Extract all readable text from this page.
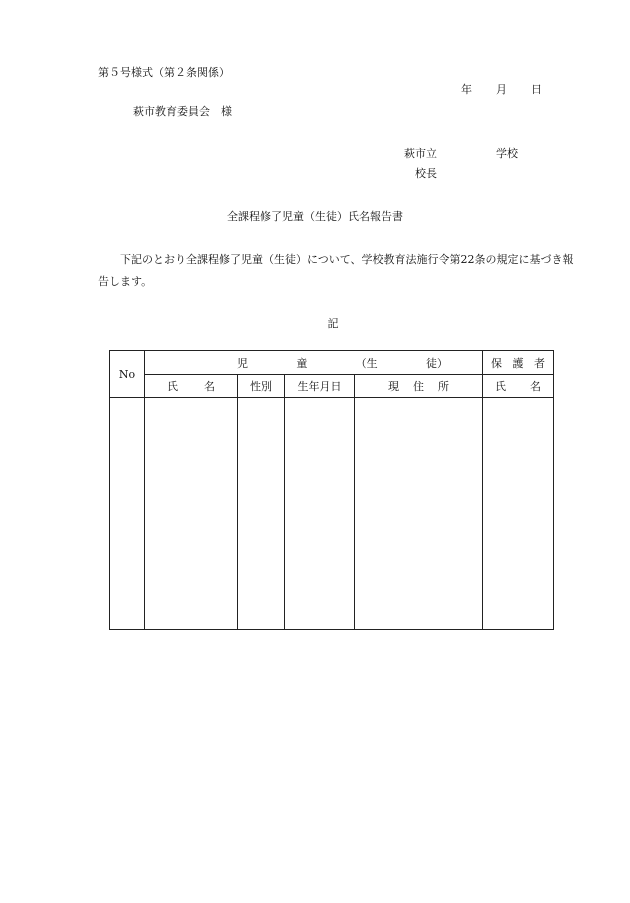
第５号様式（第２条関係）
年 月 日
萩市教育委員会　様
萩市立	学校
校長
全課程修了児童（生徒）氏名報告書
下記のとおり全課程修了児童（生徒）について、学校教育法施行令第22条の規定に基づき報告します。
記
No	児 童 （生 徒）				保 護 者

	氏 名	性別	生年月日	現 住 所	氏 名
